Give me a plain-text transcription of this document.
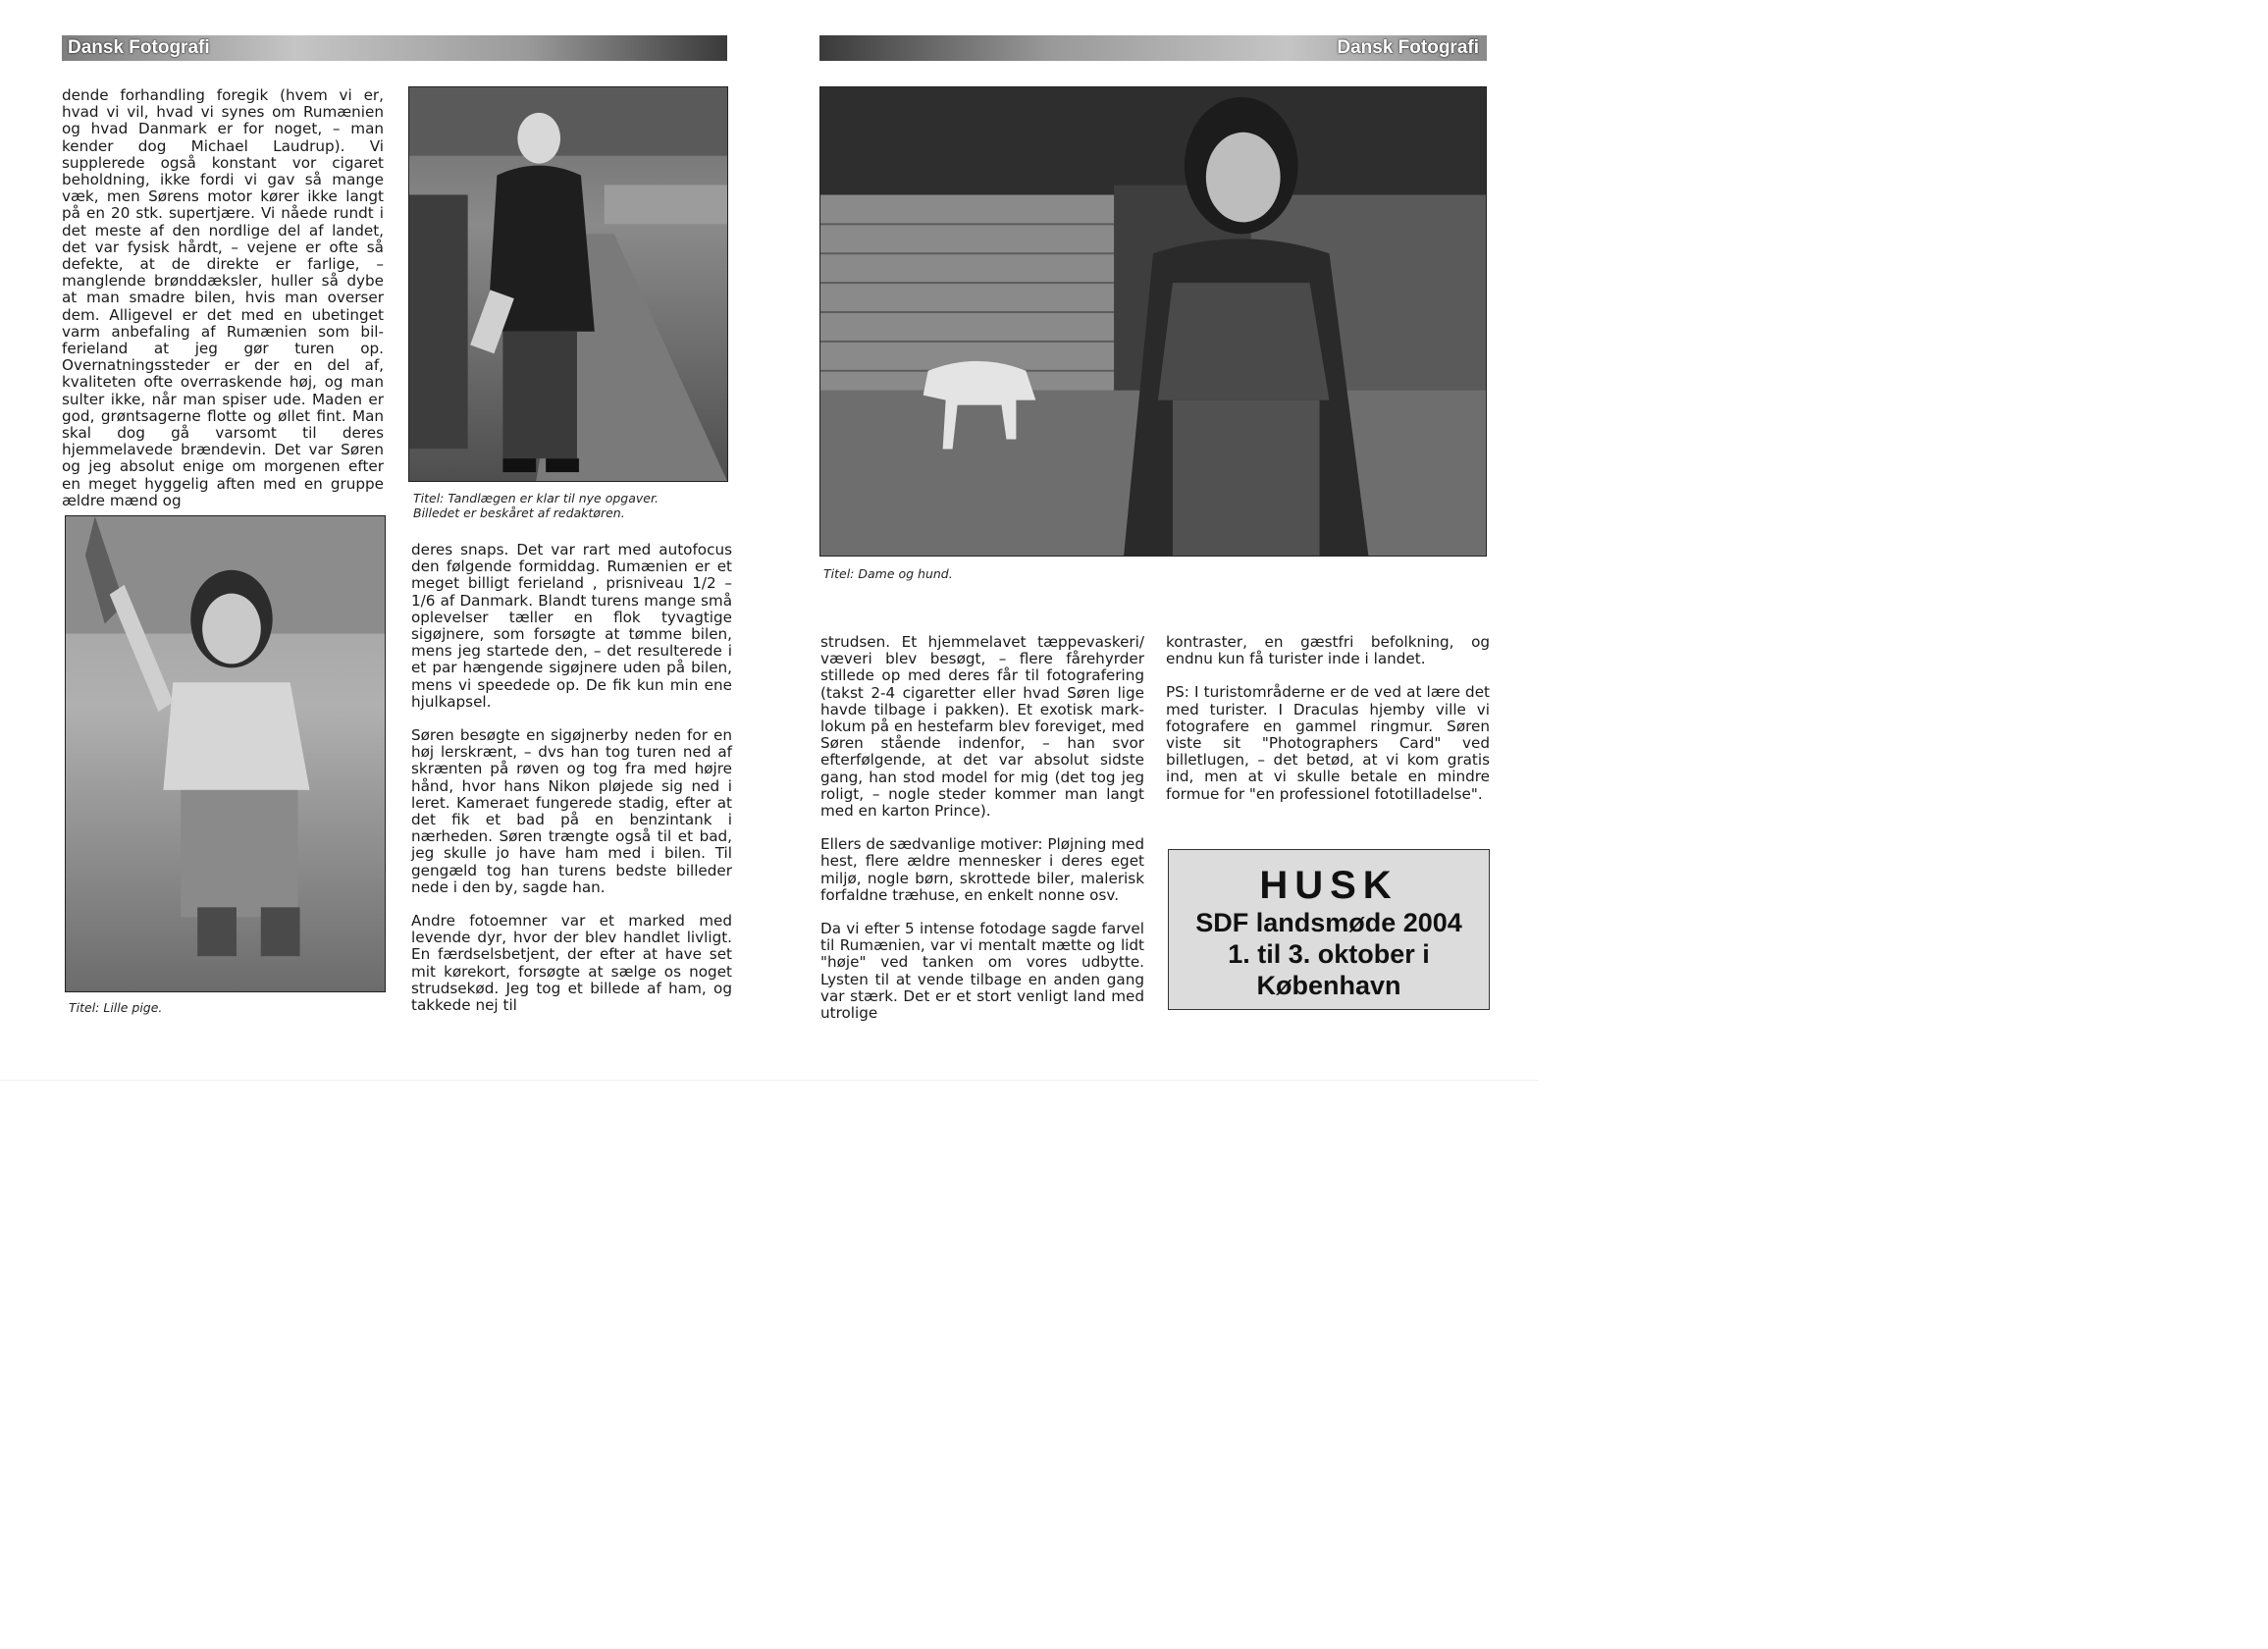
Dansk Fotografi	Dansk Fotografi

dende forhandling foregik (hvem vi er, hvad vi vil, hvad vi synes om Rumænien og hvad Danmark er for noget, – man kender dog Michael Laudrup). Vi supplerede også konstant vor cigaret beholdning, ikke fordi vi gav så mange væk, men Sørens motor kører ikke langt på en 20 stk. supertjære. Vi nåede rundt i det meste af den nordlige del af landet, det var fysisk hårdt, – vejene er ofte så defekte, at de direkte er farlige, – manglende brønddæksler, huller så dybe at man smadre bilen, hvis man overser dem. Alligevel er det med en ubetinget varm anbefaling af Rumænien som bil-ferieland at jeg gør turen op. Overnatningssteder er der en del af, kvaliteten ofte overraskende høj, og man sulter ikke, når man spiser ude. Maden er god, grøntsagerne flotte og øllet fint. Man skal dog gå varsomt til deres hjemmelavede brændevin. Det var Søren og jeg absolut enige om morgenen efter en meget hyggelig aften med en gruppe ældre mænd og	Titel: Tandlægen er klar til nye opgaver.
Billedet er beskåret af redaktøren.

deres snaps. Det var rart med autofocus den følgende formiddag. Rumænien er et meget billigt ferieland , prisniveau 1/2 – 1/6 af Danmark. Blandt turens mange små oplevelser tæller en flok tyvagtige sigøjnere, som forsøgte at tømme bilen, mens jeg startede den, – det resulterede i et par hængende sigøjnere uden på bilen, mens vi speedede op. De fik kun min ene hjulkapsel.

Søren besøgte en sigøjnerby neden for en høj lerskrænt, – dvs han tog turen ned af skrænten på røven og tog fra med højre hånd, hvor hans Nikon pløjede sig ned i leret. Kameraet fungerede stadig, efter at det fik et bad på en benzintank i nærheden. Søren trængte også til et bad, jeg skulle jo have ham med i bilen. Til gengæld tog han turens bedste billeder nede i den by, sagde han.

Andre fotoemner var et marked med levende dyr, hvor der blev handlet livligt. En færdselsbetjent, der efter at have set mit kørekort, forsøgte at sælge os noget strudsekød. Jeg tog et billede af ham, og takkede nej til

Titel: Lille pige.
Titel: Dame og hund.

strudsen. Et hjemmelavet tæppevaskeri/ væveri blev besøgt, – flere fårehyrder stillede op med deres får til fotografering (takst 2-4 cigaretter eller hvad Søren lige havde tilbage i pakken). Et exotisk mark-lokum på en hestefarm blev foreviget, med Søren stående indenfor, – han svor efterfølgende, at det var absolut sidste gang, han stod model for mig (det tog jeg roligt, – nogle steder kommer man langt med en karton Prince).

Ellers de sædvanlige motiver: Pløjning med hest, flere ældre mennesker i deres eget miljø, nogle børn, skrottede biler, malerisk forfaldne træhuse, en enkelt nonne osv.

Da vi efter 5 intense fotodage sagde farvel til Rumænien, var vi mentalt mætte og lidt "høje" ved tanken om vores udbytte. Lysten til at vende tilbage en anden gang var stærk. Det er et stort venligt land med utrolige

kontraster, en gæstfri befolkning, og endnu kun få turister inde i landet.

PS: I turistområderne er de ved at lære det med turister. I Draculas hjemby ville vi fotografere en gammel ringmur. Søren viste sit "Photographers Card" ved billetlugen, – det betød, at vi kom gratis ind, men at vi skulle betale en mindre formue for "en professionel fototilladelse".

HUSK
SDF landsmøde 2004
1. til 3. oktober i
København
